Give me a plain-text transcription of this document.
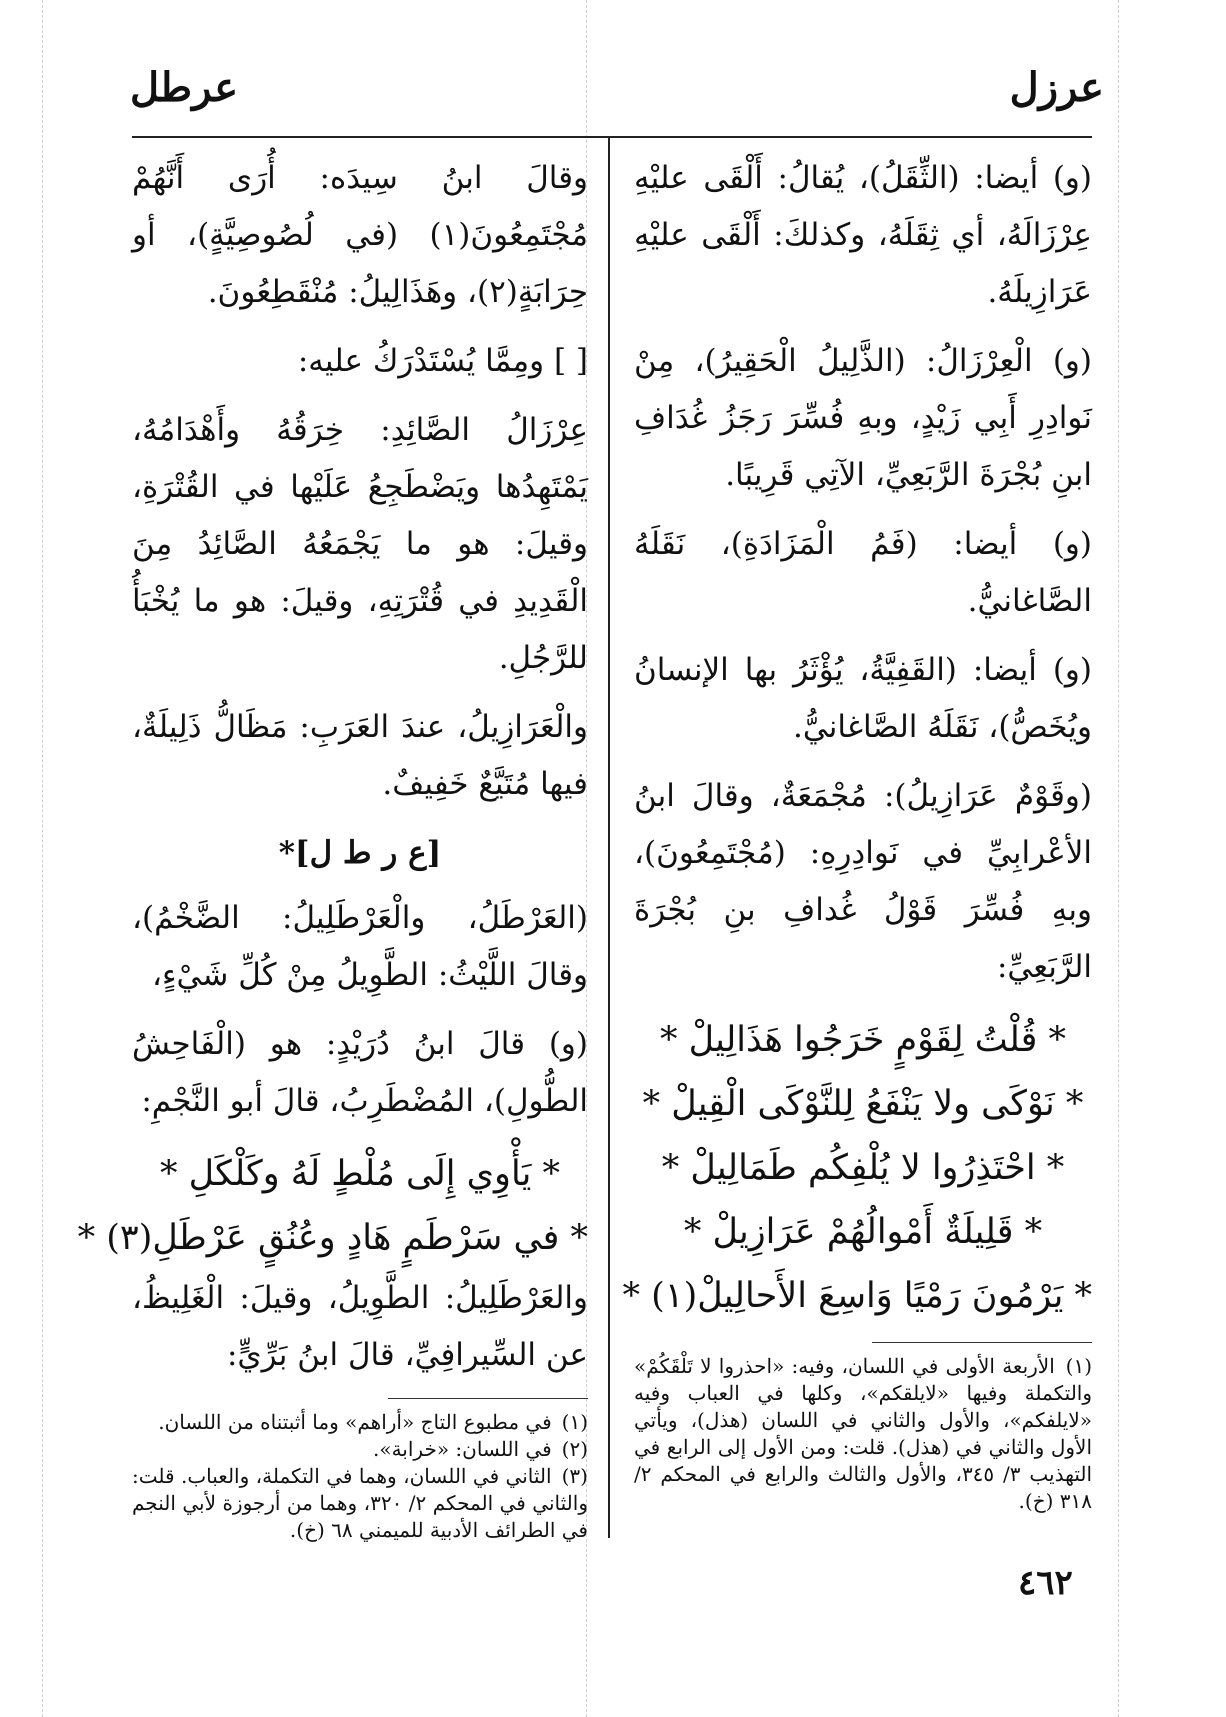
عرزل
عرطل

(و) أيضا: (الثِّقَلُ)، يُقالُ: أَلْقَى عليْهِ عِرْزَالَهُ، أي ثِقَلَهُ، وكذلكَ: أَلْقَى عليْهِ عَرَازِيلَهُ.

(و) الْعِرْزَالُ: (الذَّلِيلُ الْحَقِيرُ)، مِنْ نَوادِرِ أَبِي زَيْدٍ، وبهِ فُسِّرَ رَجَزُ غُدَافِ ابنِ بُجْرَةَ الرَّبَعِيِّ، الآتِي قَرِيبًا.

(و) أيضا: (فَمُ الْمَزَادَةِ)، نَقَلَهُ الصَّاغانيُّ.

(و) أيضا: (القَفِيَّةُ، يُؤْثَرُ بها الإنسانُ ويُخَصُّ)، نَقَلَهُ الصَّاغانيُّ.

(وقَوْمٌ عَرَازِيلُ): مُجْمَعَةٌ، وقالَ ابنُ الأعْرابِيِّ في نَوادِرِهِ: (مُجْتَمِعُونَ)، وبهِ فُسِّرَ قَوْلُ غُدافِ بنِ بُجْرَةَ الرَّبَعِيِّ:

* قُلْتُ لِقَوْمٍ خَرَجُوا هَذَالِيلْ *
* نَوْكَى ولا يَنْفَعُ لِلنَّوْكَى الْقِيلْ *
* احْتَذِرُوا لا يُلْفِكُم طَمَالِيلْ *
* قَلِيلَةٌ أَمْوالُهُمْ عَرَازِيلْ *
* يَرْمُونَ رَمْيًا وَاسِعَ الأَحالِيلْ(١) *

(١) الأربعة الأولى في اللسان، وفيه: «احذروا لا تَلْقَكُمْ» والتكملة وفيها «لايلقكم»، وكلها في العباب وفيه «لايلفكم»، والأول والثاني في اللسان (هذل)، ويأتي الأول والثاني في (هذل). قلت: ومن الأول إلى الرابع في التهذيب ٣/ ٣٤٥، والأول والثالث والرابع في المحكم ٢/ ٣١٨ (خ).

وقالَ ابنُ سِيدَه: أُرَى أَنَّهُمْ مُجْتَمِعُونَ(١) (في لُصُوصِيَّةٍ)، أو حِرَابَةٍ(٢)، وهَذَالِيلُ: مُنْقَطِعُونَ.

[ ] ومِمَّا يُسْتَدْرَكُ عليه:

عِرْزَالُ الصَّائِدِ: خِرَقُهُ وأَهْدَامُهُ، يَمْتَهِدُها ويَضْطَجِعُ عَلَيْها في القُتْرَةِ، وقيلَ: هو ما يَجْمَعُهُ الصَّائِدُ مِنَ الْقَدِيدِ في قُتْرَتِهِ، وقيلَ: هو ما يُخْبَأُ للرَّجُلِ.

والْعَرَازِيلُ، عندَ العَرَبِ: مَظَالُّ ذَلِيلَةٌ، فيها مُتَيَّعٌ خَفِيفٌ.

[ع ر ط ل]*

(العَرْطَلُ، والْعَرْطَلِيلُ: الضَّخْمُ)، وقالَ اللَّيْثُ: الطَّوِيلُ مِنْ كُلِّ شَيْءٍ،

(و) قالَ ابنُ دُرَيْدٍ: هو (الْفَاحِشُ الطُّولِ)، المُضْطَرِبُ، قالَ أبو النَّجْمِ:

* يَأْوِي إِلَى مُلْطٍ لَهُ وكَلْكَلِ *
* في سَرْطَمٍ هَادٍ وعُنُقٍ عَرْطَلِ(٣) *

والعَرْطَلِيلُ: الطَّوِيلُ، وقيلَ: الْغَلِيظُ، عن السِّيرافِيِّ، قالَ ابنُ بَرِّيٍّ:

(١) في مطبوع التاج «أراهم» وما أثبتناه من اللسان.

(٢) في اللسان: «خرابة».

(٣) الثاني في اللسان، وهما في التكملة، والعباب. قلت: والثاني في المحكم ٢/ ٣٢٠، وهما من أرجوزة لأبي النجم في الطرائف الأدبية للميمني ٦٨ (خ).

٤٦٢
